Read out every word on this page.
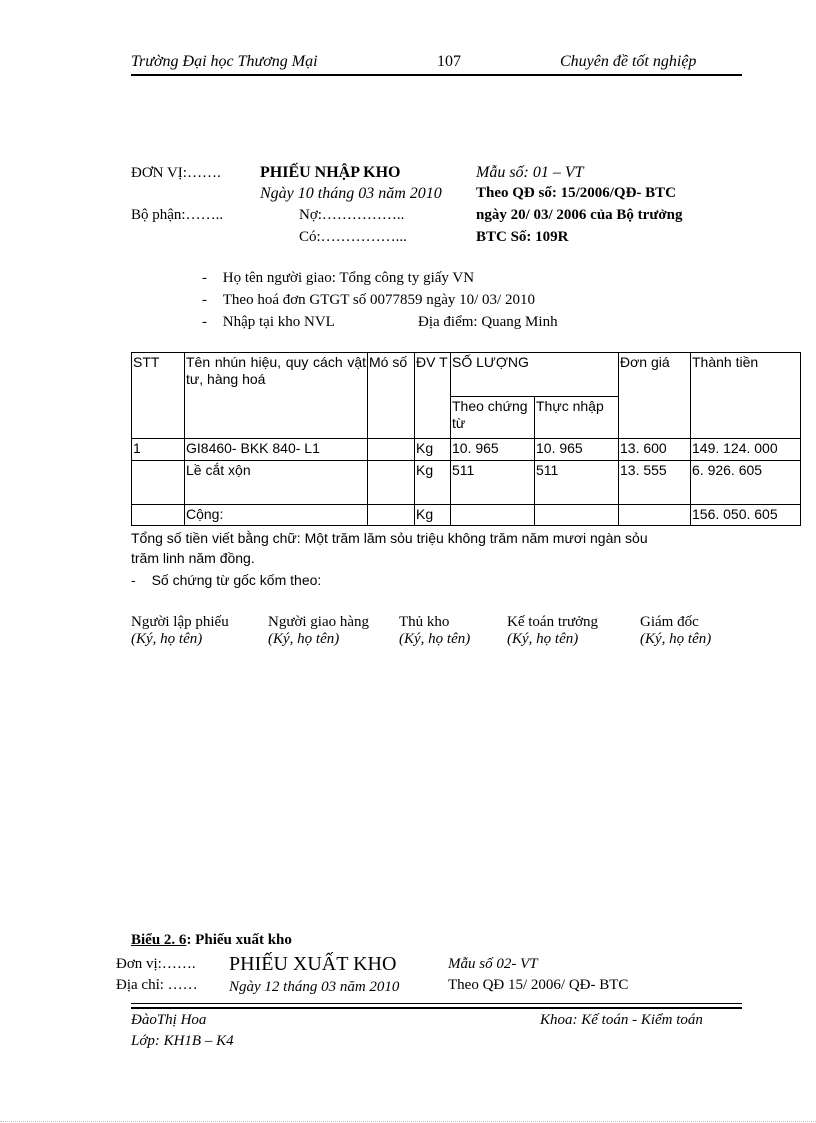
Trường Đại học Thương Mại	107	Chuyên đề tốt nghiệp
ĐƠN VỊ:…….
Bộ phận:……..
PHIẾU NHẬP KHO
Ngày 10 tháng 03 năm 2010
Nợ:……………..
Có:……………...
Mẫu số: 01 – VT
Theo QĐ số: 15/2006/QĐ- BTC
ngày 20/ 03/ 2006 của Bộ trưởng
BTC Số: 109R
- Họ tên người giao: Tổng công ty giấy VN
- Theo hoá đơn GTGT số 0077859 ngày 10/ 03/ 2010
- Nhập tại kho NVL	Địa điểm: Quang Minh
STT	Tên nhún hiệu, quy cách vật tư, hàng hoá	Mó số	ĐV T	SỐ LƯỢNG		Đơn giá	Thành tiền
				Theo chứng từ	Thực nhập		
1	GI8460- BKK 840- L1		Kg	10. 965	10. 965	13. 600	149. 124. 000
	Lề cắt xộn		Kg	511	511	13. 555	6. 926. 605
	Cộng:		Kg				156. 050. 605
Tổng số tiền viết bằng chữ: Một trăm lăm sỏu triệu không trăm năm mươi ngàn sỏu
trăm linh năm đồng.
- Số chứng từ gốc kốm theo:
Người lập phiếu
(Ký, họ tên)
Người giao hàng
(Ký, họ tên)
Thủ kho
(Ký, họ tên)
Kế toán trưởng
(Ký, họ tên)
Giám đốc
(Ký, họ tên)
Biểu 2. 6: Phiếu xuất kho
Đơn vị:…….
Địa chỉ: ……
PHIẾU XUẤT KHO
Ngày 12 tháng 03 năm 2010
Mẫu số 02- VT
Theo QĐ 15/ 2006/ QĐ- BTC
ĐàoThị Hoa
Lớp: KH1B – K4
Khoa: Kế toán - Kiểm toán
